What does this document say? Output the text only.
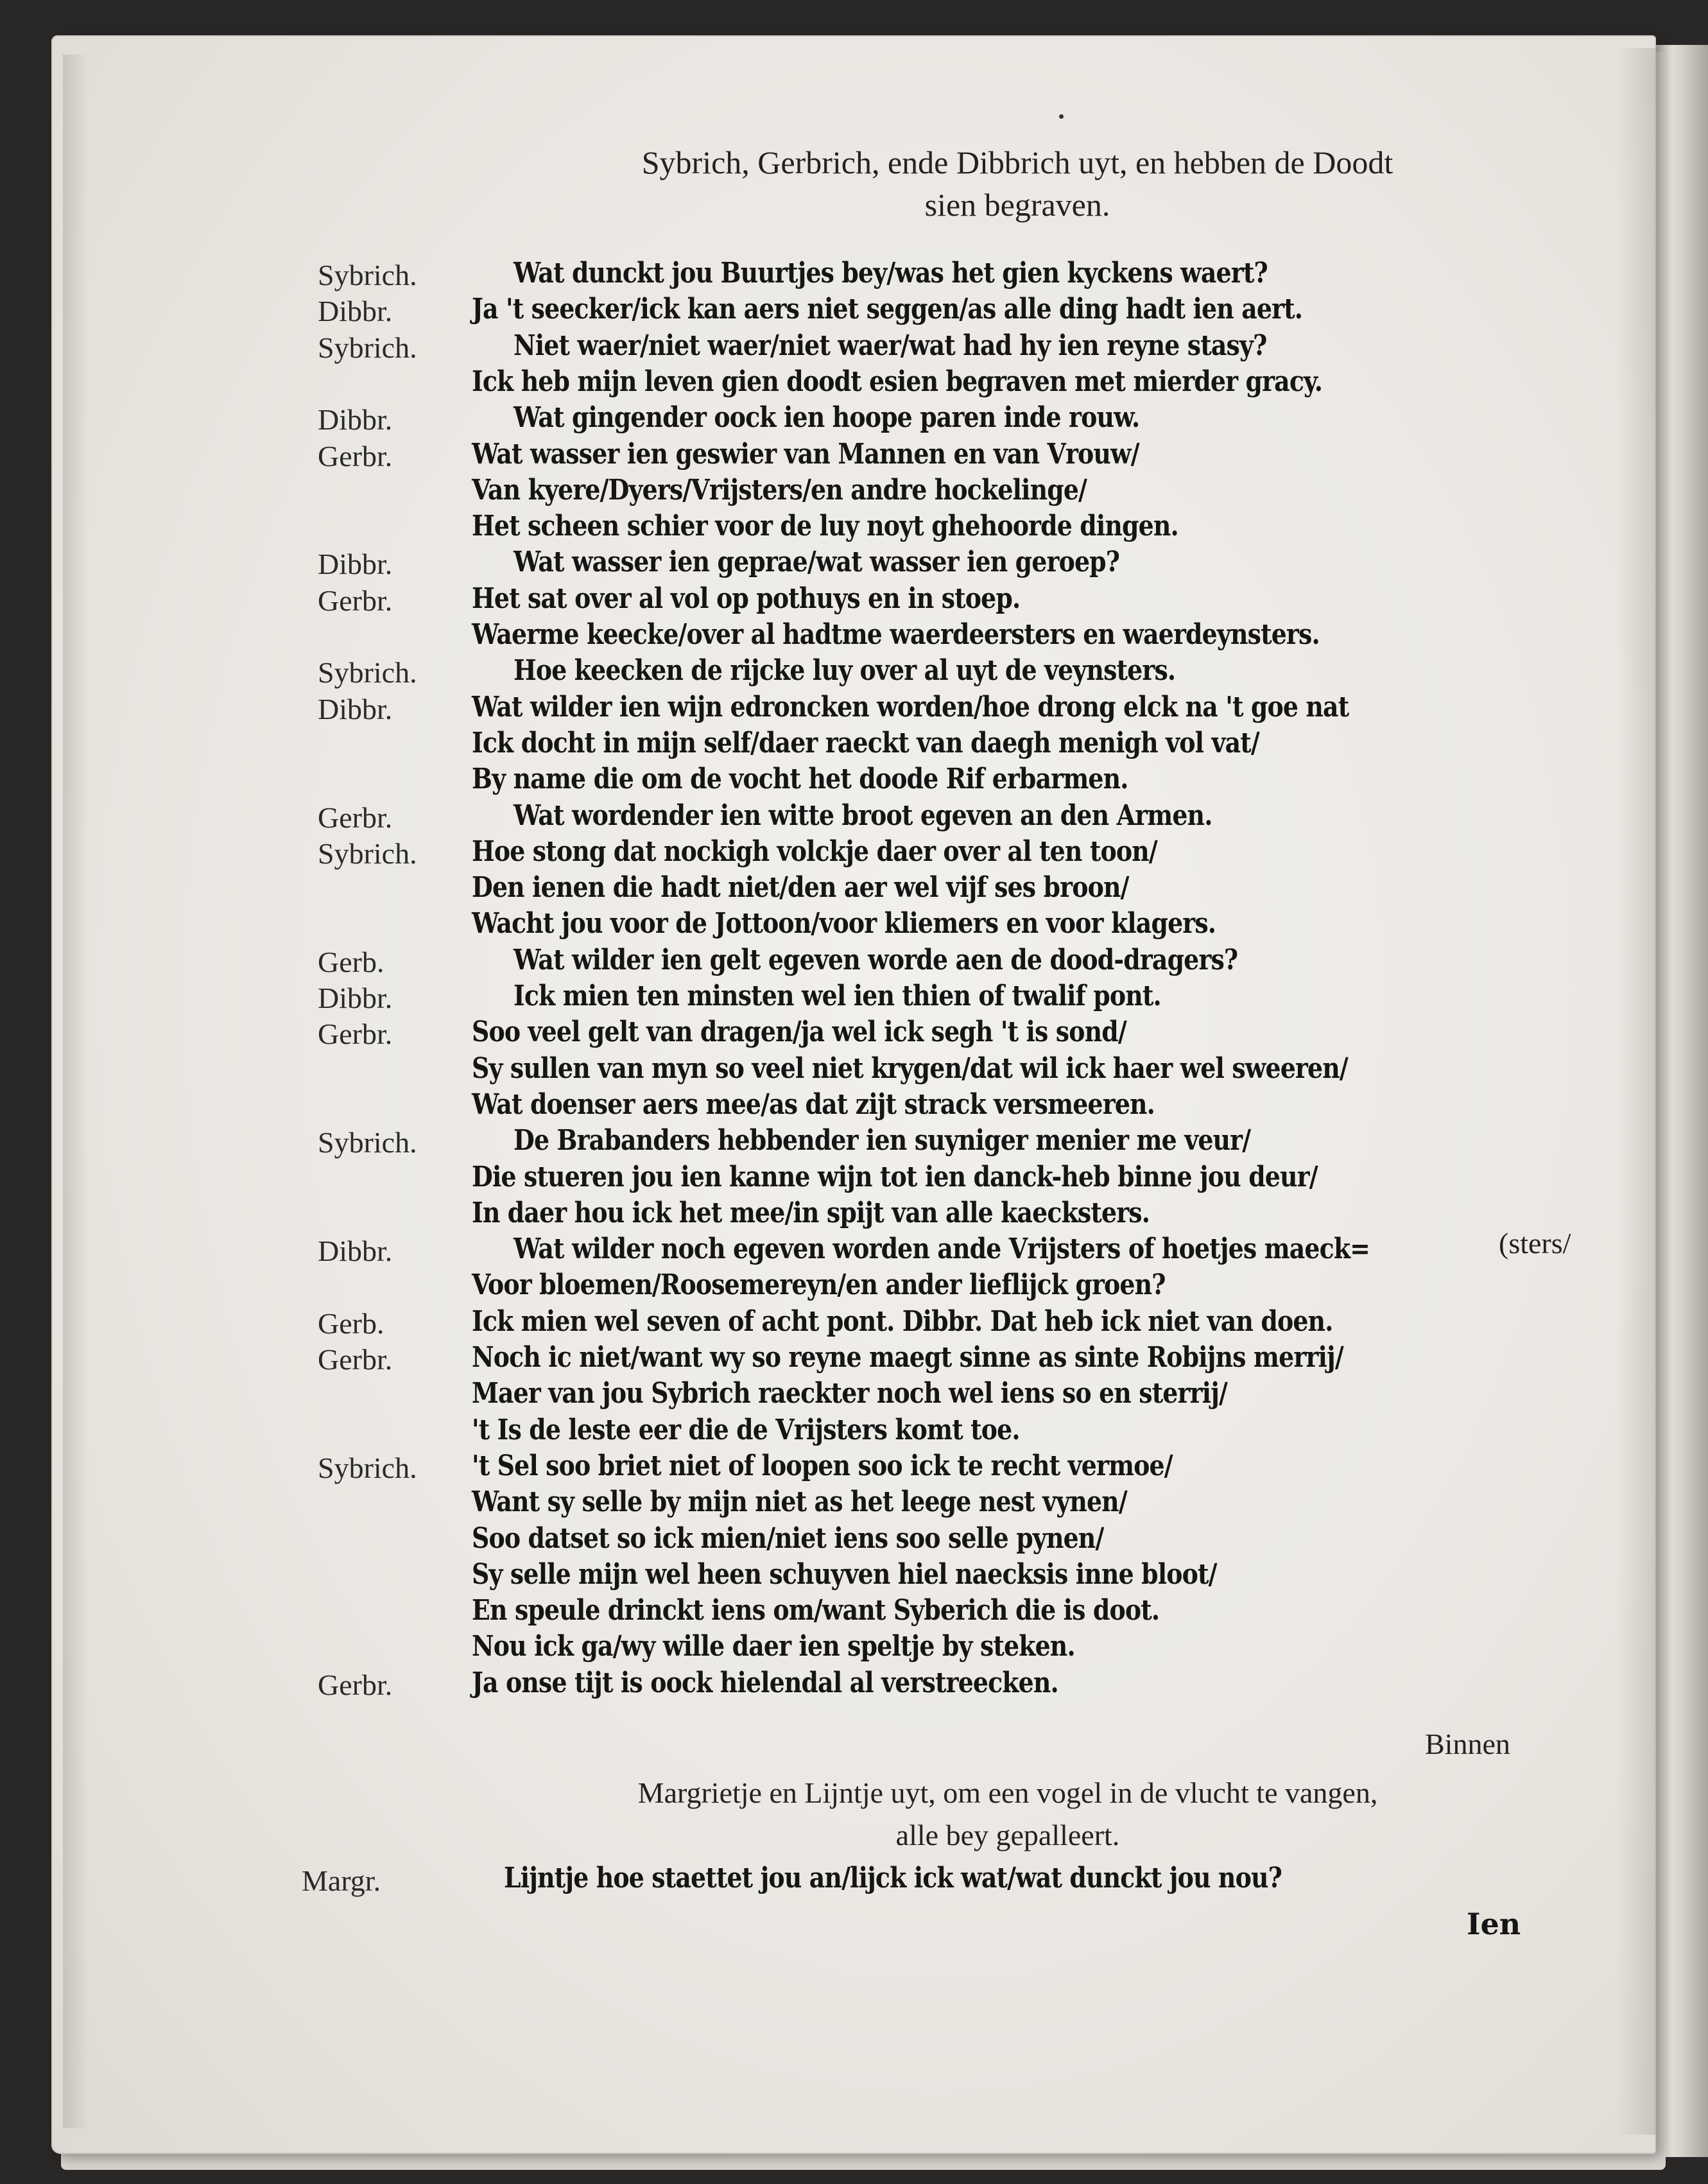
Sybrich, Gerbrich, ende Dibbrich uyt, en hebben de Doodt
sien begraven.
Sybrich.	Wat dunckt jou Buurtjes bey/was het gien kyckens waert?
Dibbr.	Ja 't seecker/ick kan aers niet seggen/as alle ding hadt ien aert.
Sybrich.	Niet waer/niet waer/niet waer/wat had hy ien reyne stasy?
Ick heb mijn leven gien doodt esien begraven met mierder gracy.
Dibbr.	Wat gingender oock ien hoope paren inde rouw.
Gerbr.	Wat wasser ien geswier van Mannen en van Vrouw/
Van kyere/Dyers/Vrijsters/en andre hockelinge/
Het scheen schier voor de luy noyt ghehoorde dingen.
Dibbr.	Wat wasser ien geprae/wat wasser ien geroep?
Gerbr.	Het sat over al vol op pothuys en in stoep.
Waerme keecke/over al hadtme waerdeersters en waerdeynsters.
Sybrich.	Hoe keecken de rijcke luy over al uyt de veynsters.
Dibbr.	Wat wilder ien wijn edroncken worden/hoe drong elck na 't goe nat
Ick docht in mijn self/daer raeckt van daegh menigh vol vat/
By name die om de vocht het doode Rif erbarmen.
Gerbr.	Wat wordender ien witte broot egeven an den Armen.
Sybrich. Hoe stong dat nockigh volckje daer over al ten toon/
Den ienen die hadt niet/den aer wel vijf ses broon/
Wacht jou voor de Jottoon/voor kliemers en voor klagers.
Gerb.	Wat wilder ien gelt egeven worde aen de dood-dragers?
Dibbr.	Ick mien ten minsten wel ien thien of twalif pont.
Gerbr.	Soo veel gelt van dragen/ja wel ick segh 't is sond/
Sy sullen van myn so veel niet krygen/dat wil ick haer wel sweeren/
Wat doenser aers mee/as dat zijt strack versmeeren.
Sybrich.	De Brabanders hebbender ien suyniger menier me veur/
Die stueren jou ien kanne wijn tot ien danck-heb binne jou deur/
In daer hou ick het mee/in spijt van alle kaecksters.
Dibbr.	Wat wilder noch egeven worden ande Vrijsters of hoetjes maeck=
Voor bloemen/Roosemereyn/en ander lieflijck groen?
Gerb.	Ick mien wel seven of acht pont. Dibbr. Dat heb ick niet van doen.
Gerbr.	Noch ic niet/want wy so reyne maegt sinne as sinte Robijns merrij/
Maer van jou Sybrich raeckter noch wel iens so en sterrij/
't Is de leste eer die de Vrijsters komt toe.
Sybrich. 't Sel soo briet niet of loopen soo ick te recht vermoe/
Want sy selle by mijn niet as het leege nest vynen/
Soo datset so ick mien/niet iens soo selle pynen/
Sy selle mijn wel heen schuyven hiel naecksis inne bloot/
En speule drinckt iens om/want Syberich die is doot.
Nou ick ga/wy wille daer ien speltje by steken.
Gerbr.	Ja onse tijt is oock hielendal al verstreecken.
(sters/
Binnen
Margrietje en Lijntje uyt, om een vogel in de vlucht te vangen,
alle bey gepalleert.
Margr.	Lijntje hoe staettet jou an/lijck ick wat/wat dunckt jou nou?
Ien
